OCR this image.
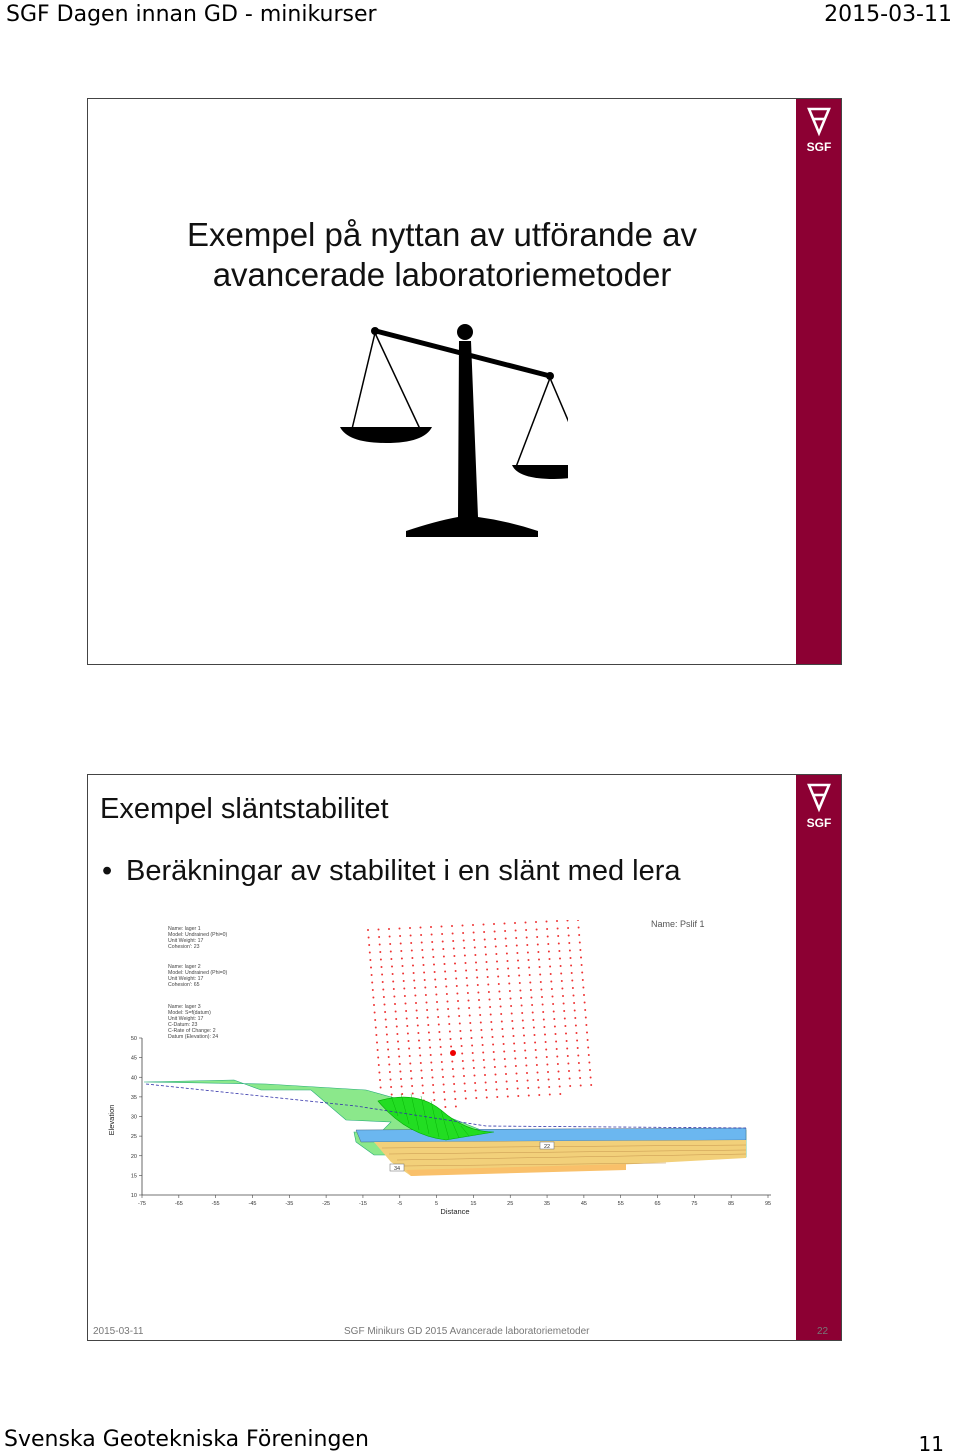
SGF Dagen innan GD - minikurser	2015-03-11
SGF
Exempel på nyttan av utförande av
avancerade laboratoriemetoder
SGF
Exempel släntstabilitet
• Beräkningar av stabilitet i en slänt med lera
Name: Pslif 1
Name: lager 1
Model: Undrained (Phi=0)
Unit Weight: 17
Cohesion': 23
Name: lager 2
Model: Undrained (Phi=0)
Unit Weight: 17
Cohesion': 65
Name: lager 3
Model: S=f(datum)
Unit Weight: 17
C-Datum: 23
C-Rate of Change: 2
Datum (Elevation): 24
10
15
20
25
30
35
40
45
50
-75	-65	-55	-45	-35	-25	-15	-5	5	15	25	35	45	55	65	75	85	95
22
34
Distance
Elevation
2015-03-11	SGF Minikurs GD 2015 Avancerade laboratoriemetoder	22
Svenska Geotekniska Föreningen	11
